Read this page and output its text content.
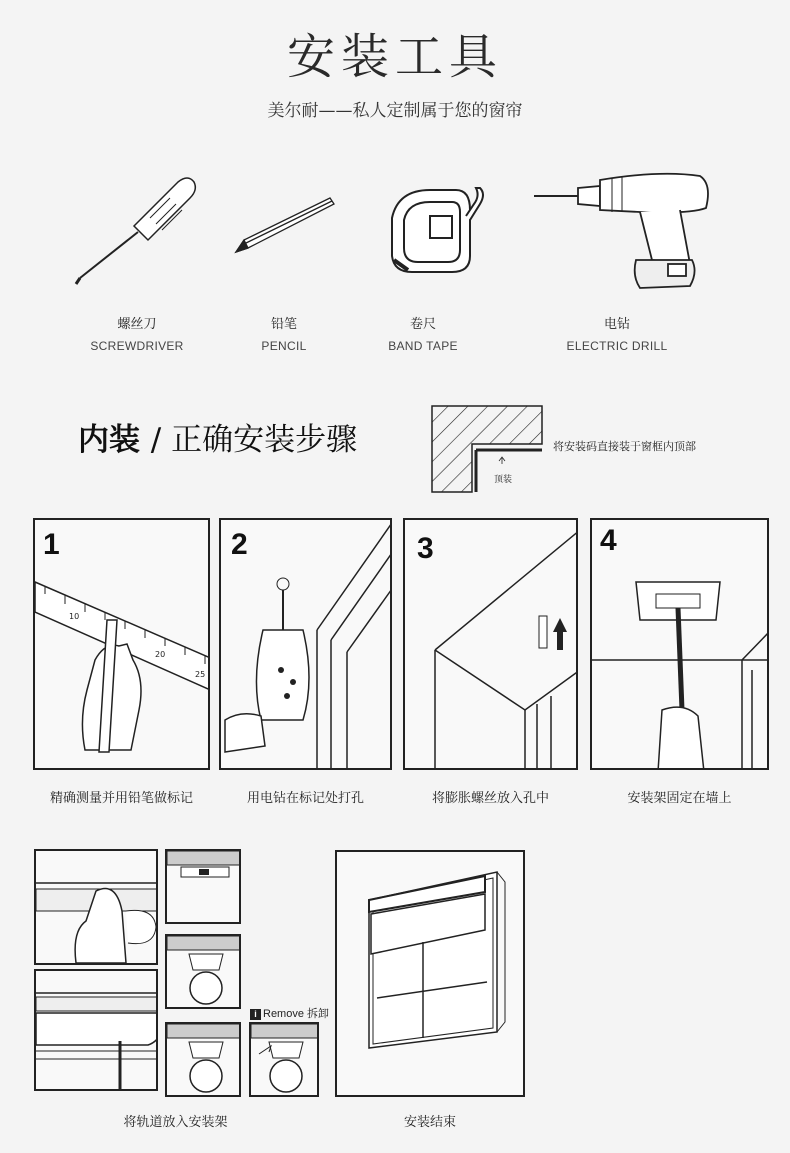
安装工具
美尔耐——私人定制属于您的窗帘
螺丝刀
SCREWDRIVER
铅笔
PENCIL
卷尺
BAND TAPE
电钻
ELECTRIC DRILL
内装 / 正确安装步骤	将安装码直接装于窗框内顶部
顶装
1
10
20
25
2	3	4
精确测量并用铅笔做标记	用电钻在标记处打孔	将膨胀螺丝放入孔中	安装架固定在墙上
i Remove 拆卸
将轨道放入安装架	安装结束
